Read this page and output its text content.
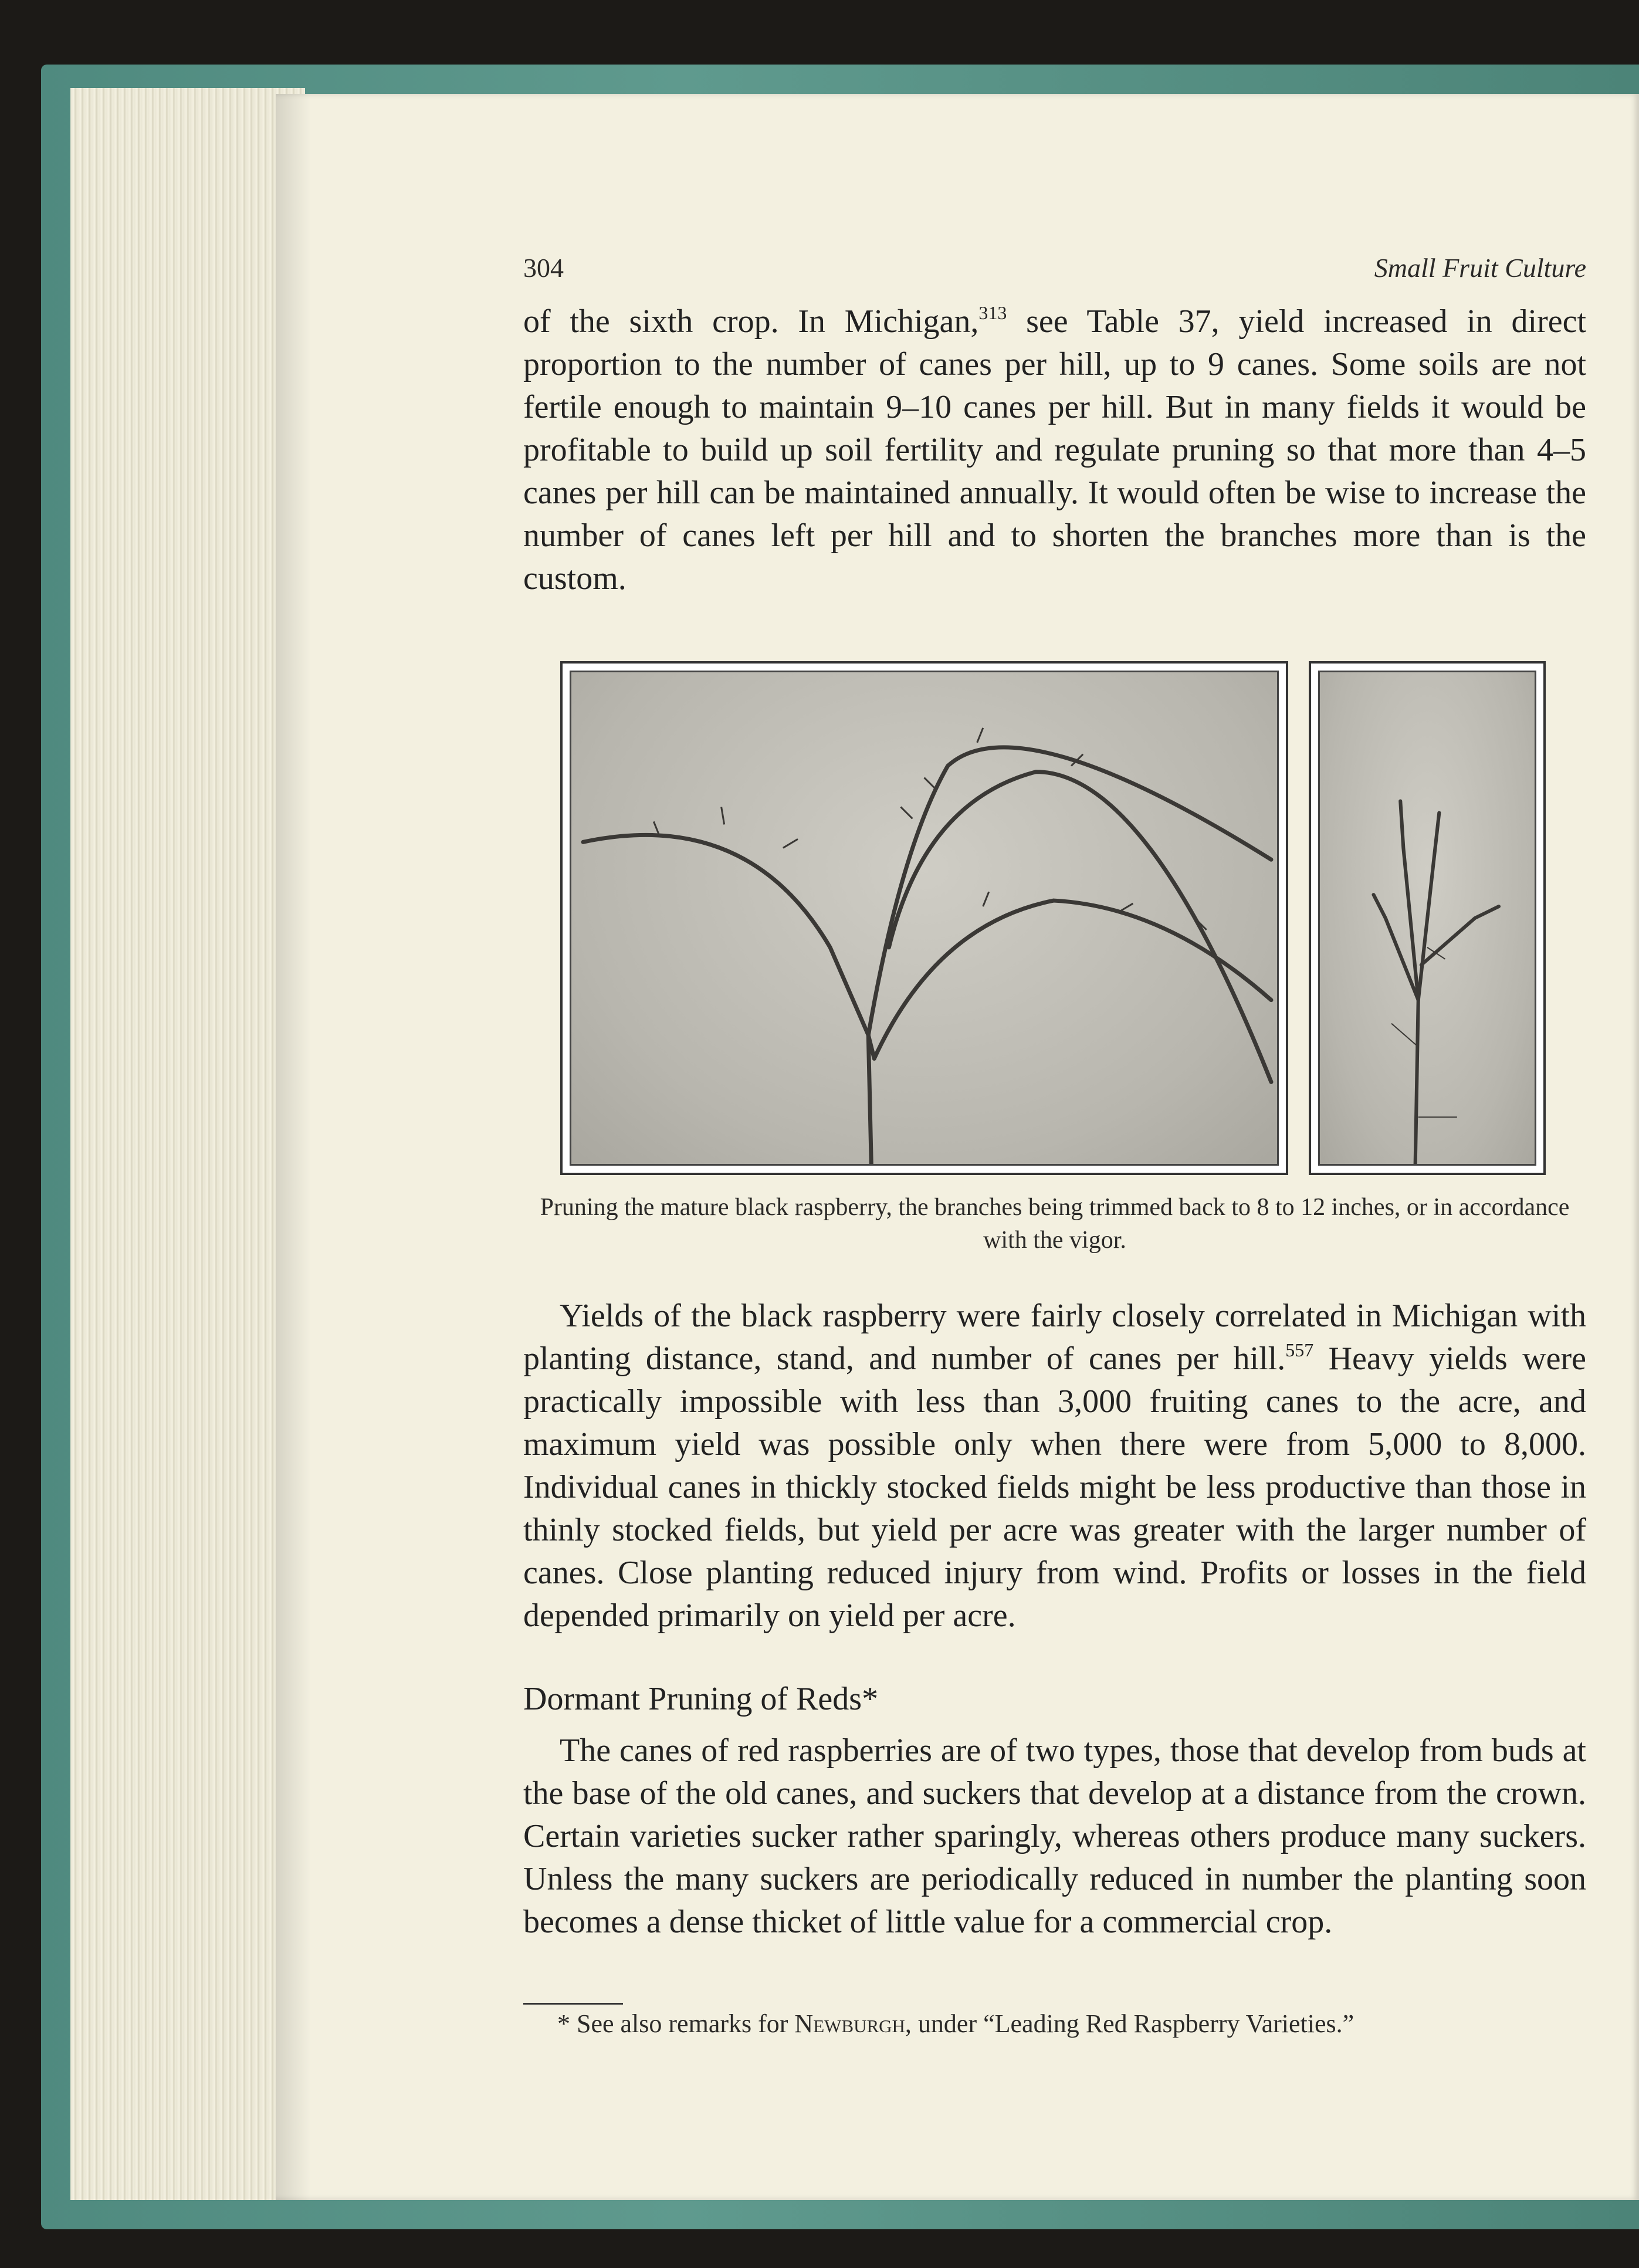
304	Small Fruit Culture

of the sixth crop. In Michigan,$^{313}$ see Table 37, yield increased in direct proportion to the number of canes per hill, up to 9 canes. Some soils are not fertile enough to maintain 9–10 canes per hill. But in many fields it would be profitable to build up soil fertility and regulate pruning so that more than 4–5 canes per hill can be maintained annually. It would often be wise to increase the number of canes left per hill and to shorten the branches more than is the custom.

Pruning the mature black raspberry, the branches being trimmed back to 8 to 12 inches, or in accordance with the vigor.

Yields of the black raspberry were fairly closely correlated in Michigan with planting distance, stand, and number of canes per hill.$^{557}$ Heavy yields were practically impossible with less than 3,000 fruiting canes to the acre, and maximum yield was possible only when there were from 5,000 to 8,000. Individual canes in thickly stocked fields might be less productive than those in thinly stocked fields, but yield per acre was greater with the larger number of canes. Close planting reduced injury from wind. Profits or losses in the field depended primarily on yield per acre.

Dormant Pruning of Reds*

The canes of red raspberries are of two types, those that develop from buds at the base of the old canes, and suckers that develop at a distance from the crown. Certain varieties sucker rather sparingly, whereas others produce many suckers. Unless the many suckers are periodically reduced in number the planting soon becomes a dense thicket of little value for a commercial crop.

* See also remarks for Newburgh, under “Leading Red Raspberry Varieties.”
